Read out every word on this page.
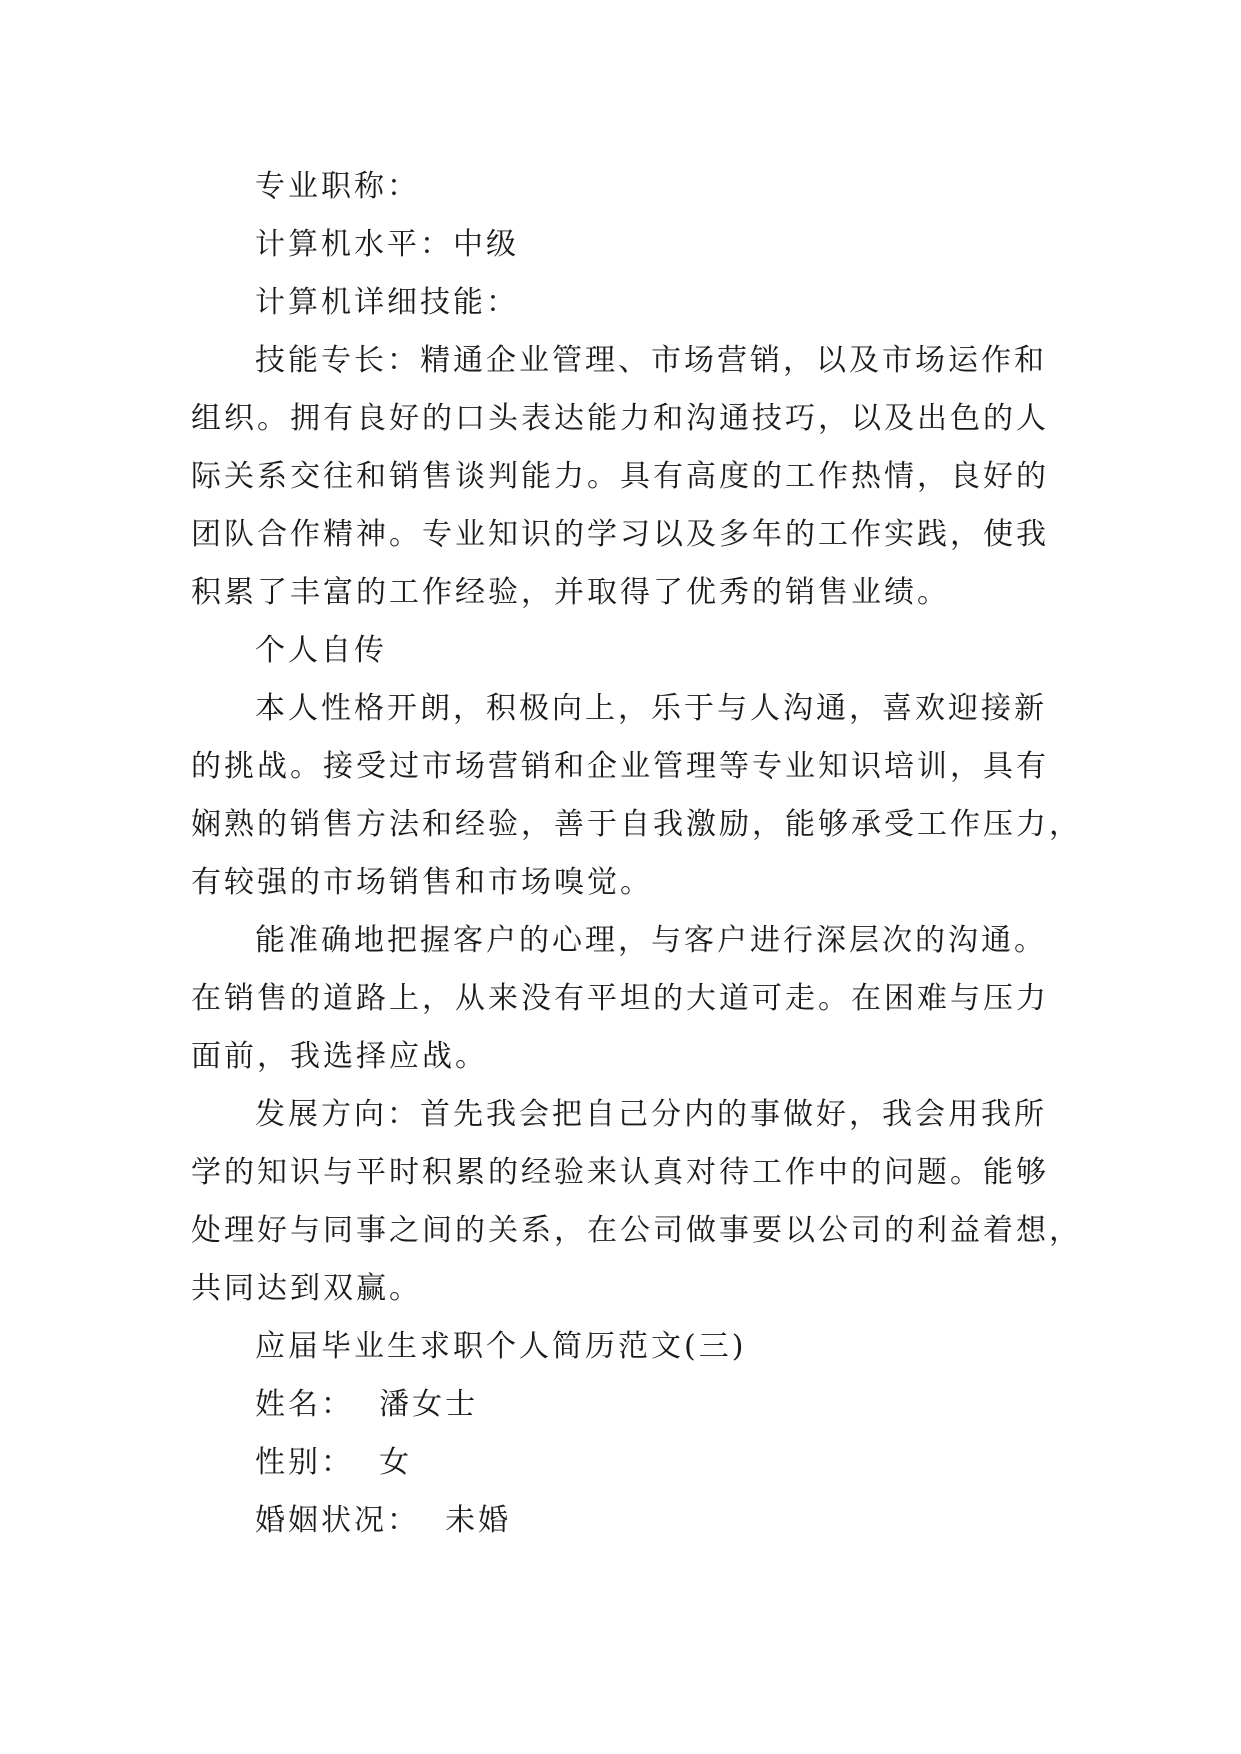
专业职称：

计算机水平：中级

计算机详细技能：

技能专长：精通企业管理、市场营销，以及市场运作和

组织。拥有良好的口头表达能力和沟通技巧，以及出色的人

际关系交往和销售谈判能力。具有高度的工作热情，良好的

团队合作精神。专业知识的学习以及多年的工作实践，使我

积累了丰富的工作经验，并取得了优秀的销售业绩。

个人自传

本人性格开朗，积极向上，乐于与人沟通，喜欢迎接新

的挑战。接受过市场营销和企业管理等专业知识培训，具有

娴熟的销售方法和经验，善于自我激励，能够承受工作压力，

有较强的市场销售和市场嗅觉。

能准确地把握客户的心理，与客户进行深层次的沟通。

在销售的道路上，从来没有平坦的大道可走。在困难与压力

面前，我选择应战。

发展方向：首先我会把自己分内的事做好，我会用我所

学的知识与平时积累的经验来认真对待工作中的问题。能够

处理好与同事之间的关系，在公司做事要以公司的利益着想，

共同达到双赢。

应届毕业生求职个人简历范文(三)

姓名：  潘女士

性别：  女

婚姻状况：  未婚
